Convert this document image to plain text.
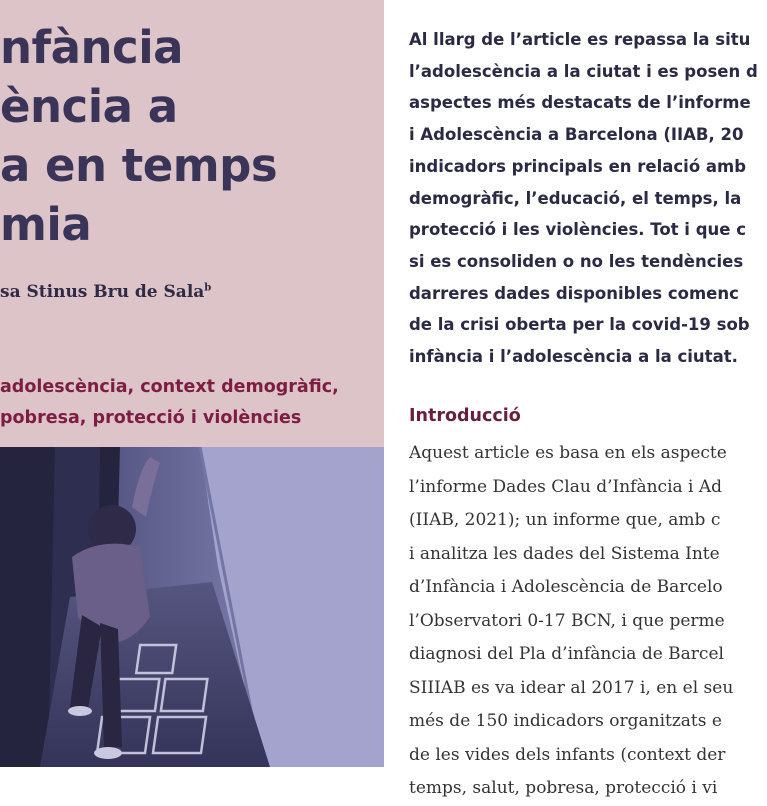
nfància
ència a
a en temps
mia

sa Stinus Bru de Sala$^b$

adolescència, context demogràfic,
pobresa, protecció i violències

Al llarg de l’article es repassa la situ

l’adolescència a la ciutat i es posen d

aspectes més destacats de l’informe

i Adolescència a Barcelona (IIAB, 20

indicadors principals en relació amb

demogràfic, l’educació, el temps, la

protecció i les violències. Tot i que c

si es consoliden o no les tendències

darreres dades disponibles comenc

de la crisi oberta per la covid-19 sob

infància i l’adolescència a la ciutat.

Introducció

Aquest article es basa en els aspecte

l’informe Dades Clau d’Infància i Ad

(IIAB, 2021); un informe que, amb c

i analitza les dades del Sistema Inte

d’Infància i Adolescència de Barcelo

l’Observatori 0-17 BCN, i que perme

diagnosi del Pla d’infància de Barcel

SIIIAB es va idear al 2017 i, en el seu

més de 150 indicadors organitzats e

de les vides dels infants (context der

temps, salut, pobresa, protecció i vi
